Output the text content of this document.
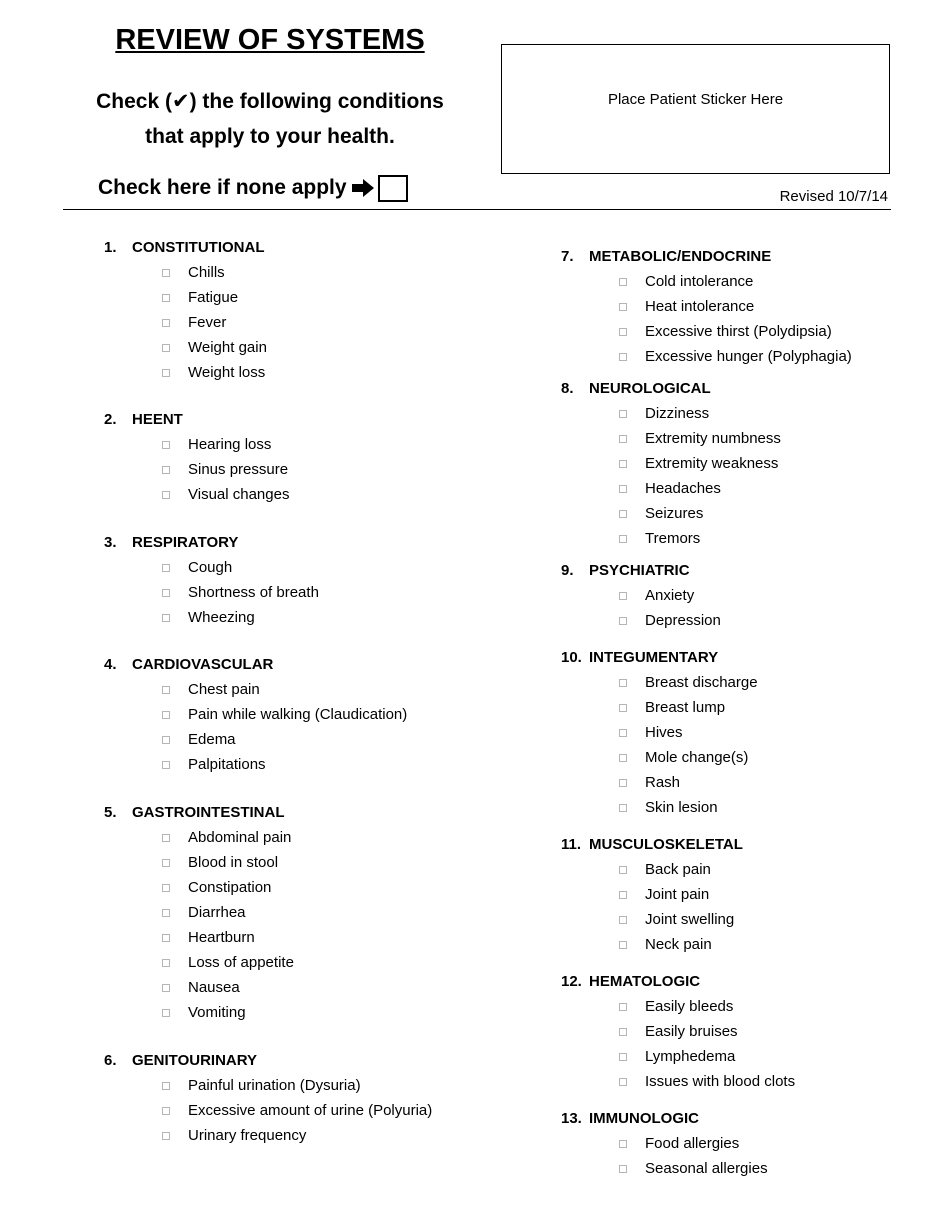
REVIEW OF SYSTEMS
Check (✔) the following conditions
that apply to your health.
Check here if none apply
Place Patient Sticker Here
Revised 10/7/14
1.	CONSTITUTIONAL
Chills
Fatigue
Fever
Weight gain
Weight loss
2.	HEENT
Hearing loss
Sinus pressure
Visual changes
3.	RESPIRATORY
Cough
Shortness of breath
Wheezing
4.	CARDIOVASCULAR
Chest pain
Pain while walking (Claudication)
Edema
Palpitations
5.	GASTROINTESTINAL
Abdominal pain
Blood in stool
Constipation
Diarrhea
Heartburn
Loss of appetite
Nausea
Vomiting
6.	GENITOURINARY
Painful urination (Dysuria)
Excessive amount of urine (Polyuria)
Urinary frequency
7.	METABOLIC/ENDOCRINE
Cold intolerance
Heat intolerance
Excessive thirst (Polydipsia)
Excessive hunger (Polyphagia)
8.	NEUROLOGICAL
Dizziness
Extremity numbness
Extremity weakness
Headaches
Seizures
Tremors
9.	PSYCHIATRIC
Anxiety
Depression
10. INTEGUMENTARY
Breast discharge
Breast lump
Hives
Mole change(s)
Rash
Skin lesion
11. MUSCULOSKELETAL
Back pain
Joint pain
Joint swelling
Neck pain
12. HEMATOLOGIC
Easily bleeds
Easily bruises
Lymphedema
Issues with blood clots
13. IMMUNOLOGIC
Food allergies
Seasonal allergies
